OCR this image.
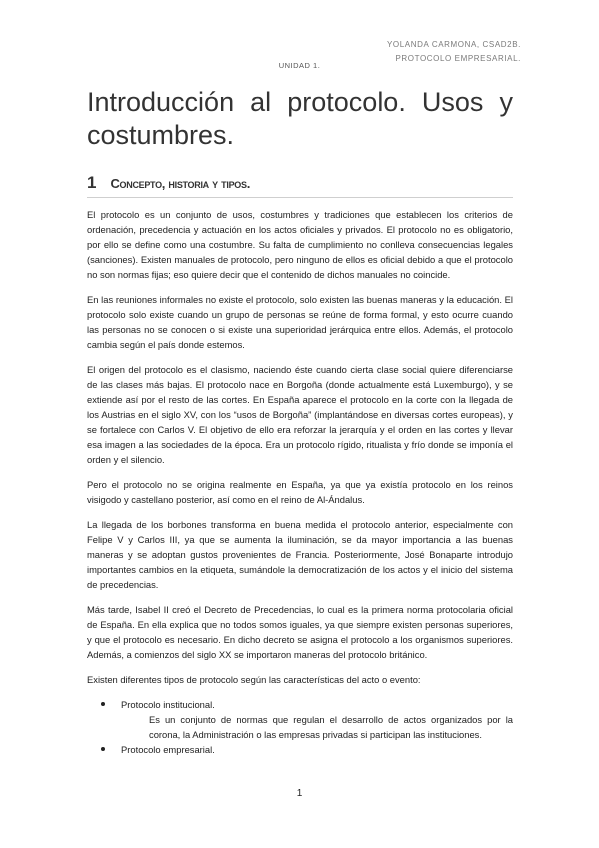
YOLANDA CARMONA, CSAD2B.
PROTOCOLO EMPRESARIAL.
UNIDAD 1.
Introducción al protocolo. Usos y costumbres.
1 Concepto, historia y tipos.

El protocolo es un conjunto de usos, costumbres y tradiciones que establecen los criterios de ordenación, precedencia y actuación en los actos oficiales y privados. El protocolo no es obligatorio, por ello se define como una costumbre. Su falta de cumplimiento no conlleva consecuencias legales (sanciones). Existen manuales de protocolo, pero ninguno de ellos es oficial debido a que el protocolo no son normas fijas; eso quiere decir que el contenido de dichos manuales no coincide.

En las reuniones informales no existe el protocolo, solo existen las buenas maneras y la educación. El protocolo solo existe cuando un grupo de personas se reúne de forma formal, y esto ocurre cuando las personas no se conocen o si existe una superioridad jerárquica entre ellos. Además, el protocolo cambia según el país donde estemos.

El origen del protocolo es el clasismo, naciendo éste cuando cierta clase social quiere diferenciarse de las clases más bajas. El protocolo nace en Borgoña (donde actualmente está Luxemburgo), y se extiende así por el resto de las cortes. En España aparece el protocolo en la corte con la llegada de los Austrias en el siglo XV, con los “usos de Borgoña” (implantándose en diversas cortes europeas), y se fortalece con Carlos V. El objetivo de ello era reforzar la jerarquía y el orden en las cortes y llevar esa imagen a las sociedades de la época. Era un protocolo rígido, ritualista y frío donde se imponía el orden y el silencio.

Pero el protocolo no se origina realmente en España, ya que ya existía protocolo en los reinos visigodo y castellano posterior, así como en el reino de Al-Ándalus.

La llegada de los borbones transforma en buena medida el protocolo anterior, especialmente con Felipe V y Carlos III, ya que se aumenta la iluminación, se da mayor importancia a las buenas maneras y se adoptan gustos provenientes de Francia. Posteriormente, José Bonaparte introdujo importantes cambios en la etiqueta, sumándole la democratización de los actos y el inicio del sistema de precedencias.

Más tarde, Isabel II creó el Decreto de Precedencias, lo cual es la primera norma protocolaria oficial de España. En ella explica que no todos somos iguales, ya que siempre existen personas superiores, y que el protocolo es necesario. En dicho decreto se asigna el protocolo a los organismos superiores. Además, a comienzos del siglo XX se importaron maneras del protocolo británico.

Existen diferentes tipos de protocolo según las características del acto o evento:

Protocolo institucional.
Es un conjunto de normas que regulan el desarrollo de actos organizados por la corona, la Administración o las empresas privadas si participan las instituciones.
Protocolo empresarial.
1
